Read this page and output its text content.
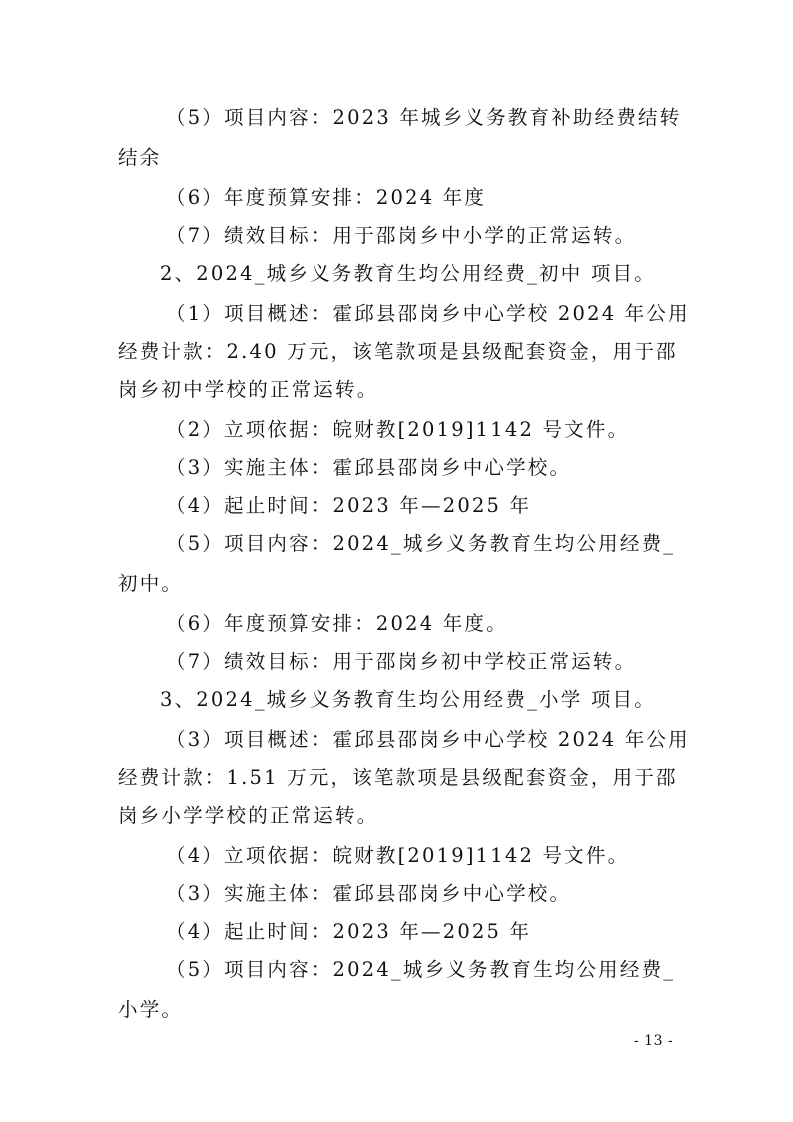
（5）项目内容：2023 年城乡义务教育补助经费结转
结余
（6）年度预算安排：2024 年度
（7）绩效目标：用于邵岗乡中小学的正常运转。
2、2024_城乡义务教育生均公用经费_初中 项目。
（1）项目概述：霍邱县邵岗乡中心学校 2024 年公用
经费计款：2.40 万元，该笔款项是县级配套资金，用于邵
岗乡初中学校的正常运转。
（2）立项依据：皖财教[2019]1142 号文件。
（3）实施主体：霍邱县邵岗乡中心学校。
（4）起止时间：2023 年—2025 年
（5）项目内容：2024_城乡义务教育生均公用经费_
初中。
（6）年度预算安排：2024 年度。
（7）绩效目标：用于邵岗乡初中学校正常运转。
3、2024_城乡义务教育生均公用经费_小学 项目。
（3）项目概述：霍邱县邵岗乡中心学校 2024 年公用
经费计款：1.51 万元，该笔款项是县级配套资金，用于邵
岗乡小学学校的正常运转。
（4）立项依据：皖财教[2019]1142 号文件。
（3）实施主体：霍邱县邵岗乡中心学校。
（4）起止时间：2023 年—2025 年
（5）项目内容：2024_城乡义务教育生均公用经费_
小学。
- 13 -
